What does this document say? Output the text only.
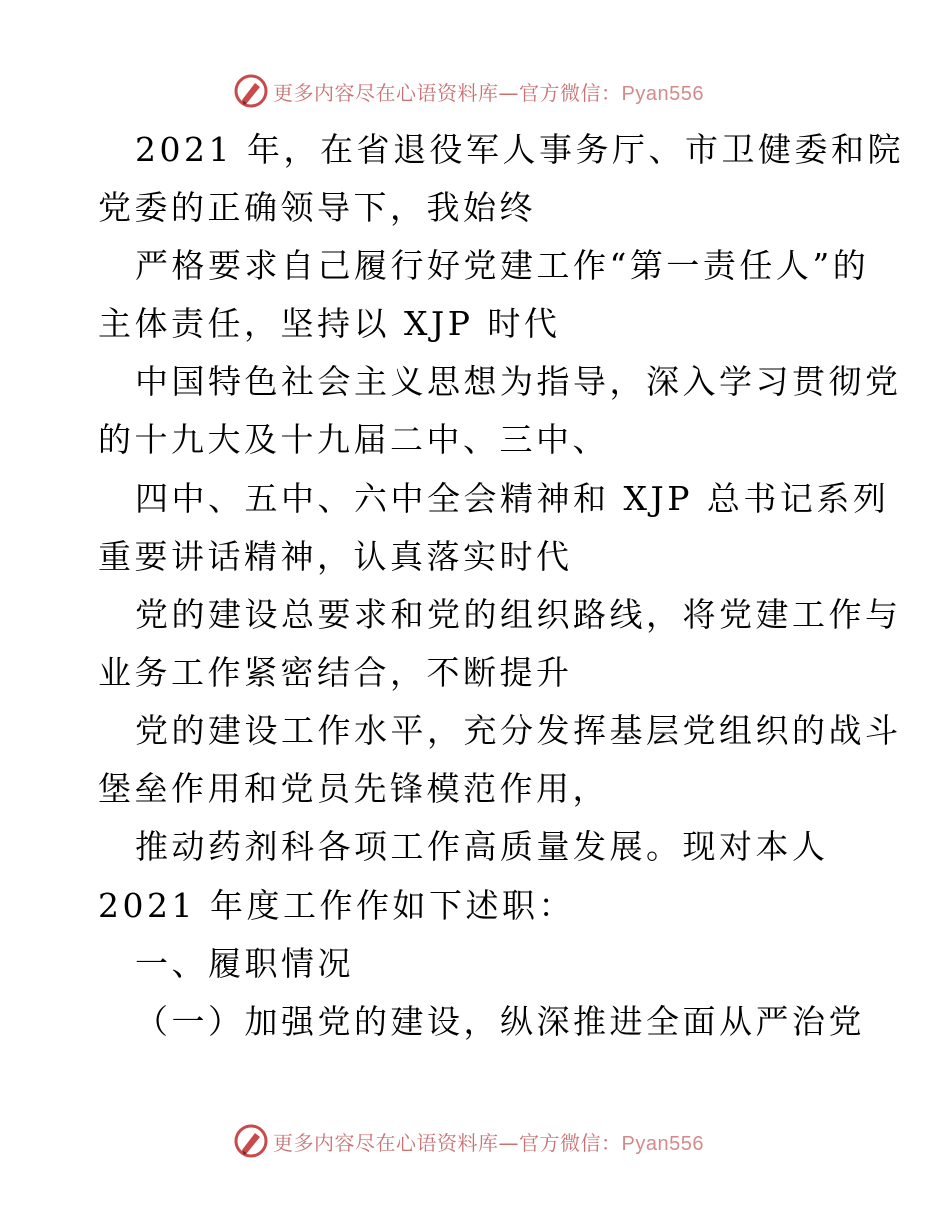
更多内容尽在心语资料库—官方微信：Pyan556
2021 年，在省退役军人事务厅、市卫健委和院
党委的正确领导下，我始终
严格要求自己履行好党建工作“第一责任人”的
主体责任，坚持以 XJP 时代
中国特色社会主义思想为指导，深入学习贯彻党
的十九大及十九届二中、三中、
四中、五中、六中全会精神和 XJP 总书记系列
重要讲话精神，认真落实时代
党的建设总要求和党的组织路线，将党建工作与
业务工作紧密结合，不断提升
党的建设工作水平，充分发挥基层党组织的战斗
堡垒作用和党员先锋模范作用，
推动药剂科各项工作高质量发展。现对本人
2021 年度工作作如下述职：
一、履职情况
（一）加强党的建设，纵深推进全面从严治党
更多内容尽在心语资料库—官方微信：Pyan556
